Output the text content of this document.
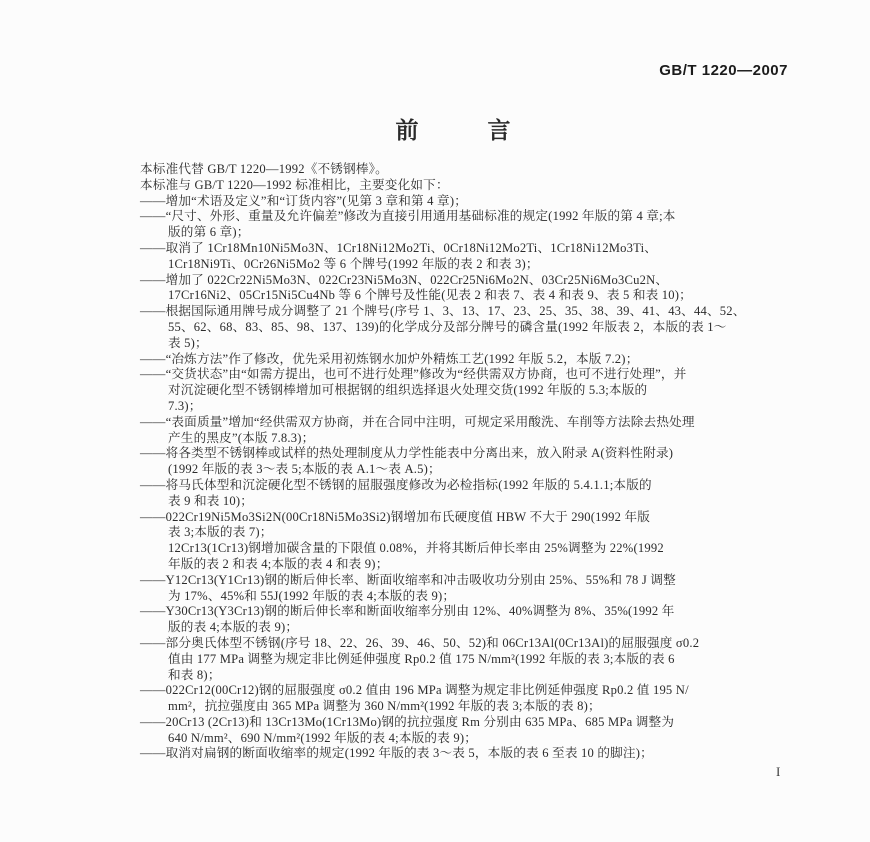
GB/T 1220—2007
前　　　言
本标准代替 GB/T 1220—1992《不锈钢棒》。
本标准与 GB/T 1220—1992 标准相比，主要变化如下：
——增加“术语及定义”和“订货内容”(见第 3 章和第 4 章)；
——“尺寸、外形、重量及允许偏差”修改为直接引用通用基础标准的规定(1992 年版的第 4 章;本
版的第 6 章)；
——取消了 1Cr18Mn10Ni5Mo3N、1Cr18Ni12Mo2Ti、0Cr18Ni12Mo2Ti、1Cr18Ni12Mo3Ti、
1Cr18Ni9Ti、0Cr26Ni5Mo2 等 6 个牌号(1992 年版的表 2 和表 3)；
——增加了 022Cr22Ni5Mo3N、022Cr23Ni5Mo3N、022Cr25Ni6Mo2N、03Cr25Ni6Mo3Cu2N、
17Cr16Ni2、05Cr15Ni5Cu4Nb 等 6 个牌号及性能(见表 2 和表 7、表 4 和表 9、表 5 和表 10)；
——根据国际通用牌号成分调整了 21 个牌号(序号 1、3、13、17、23、25、35、38、39、41、43、44、52、
55、62、68、83、85、98、137、139)的化学成分及部分牌号的磷含量(1992 年版表 2，本版的表 1～
表 5)；
——“冶炼方法”作了修改，优先采用初炼钢水加炉外精炼工艺(1992 年版 5.2，本版 7.2)；
——“交货状态”由“如需方提出，也可不进行处理”修改为“经供需双方协商，也可不进行处理”，并
对沉淀硬化型不锈钢棒增加可根据钢的组织选择退火处理交货(1992 年版的 5.3;本版的
7.3)；
——“表面质量”增加“经供需双方协商，并在合同中注明，可规定采用酸洗、车削等方法除去热处理
产生的黑皮”(本版 7.8.3)；
——将各类型不锈钢棒或试样的热处理制度从力学性能表中分离出来，放入附录 A(资料性附录)
(1992 年版的表 3～表 5;本版的表 A.1～表 A.5)；
——将马氏体型和沉淀硬化型不锈钢的屈服强度修改为必检指标(1992 年版的 5.4.1.1;本版的
表 9 和表 10)；
——022Cr19Ni5Mo3Si2N(00Cr18Ni5Mo3Si2)钢增加布氏硬度值 HBW 不大于 290(1992 年版
表 3;本版的表 7)；
12Cr13(1Cr13)钢增加碳含量的下限值 0.08%，并将其断后伸长率由 25%调整为 22%(1992
年版的表 2 和表 4;本版的表 4 和表 9)；
——Y12Cr13(Y1Cr13)钢的断后伸长率、断面收缩率和冲击吸收功分别由 25%、55%和 78 J 调整
为 17%、45%和 55J(1992 年版的表 4;本版的表 9)；
——Y30Cr13(Y3Cr13)钢的断后伸长率和断面收缩率分别由 12%、40%调整为 8%、35%(1992 年
版的表 4;本版的表 9)；
——部分奥氏体型不锈钢(序号 18、22、26、39、46、50、52)和 06Cr13Al(0Cr13Al)的屈服强度 σ0.2
值由 177 MPa 调整为规定非比例延伸强度 Rp0.2 值 175 N/mm²(1992 年版的表 3;本版的表 6
和表 8)；
——022Cr12(00Cr12)钢的屈服强度 σ0.2 值由 196 MPa 调整为规定非比例延伸强度 Rp0.2 值 195 N/
mm²，抗拉强度由 365 MPa 调整为 360 N/mm²(1992 年版的表 3;本版的表 8)；
——20Cr13 (2Cr13)和 13Cr13Mo(1Cr13Mo)钢的抗拉强度 Rm 分别由 635 MPa、685 MPa 调整为
640 N/mm²、690 N/mm²(1992 年版的表 4;本版的表 9)；
——取消对扁钢的断面收缩率的规定(1992 年版的表 3～表 5，本版的表 6 至表 10 的脚注)；
I
